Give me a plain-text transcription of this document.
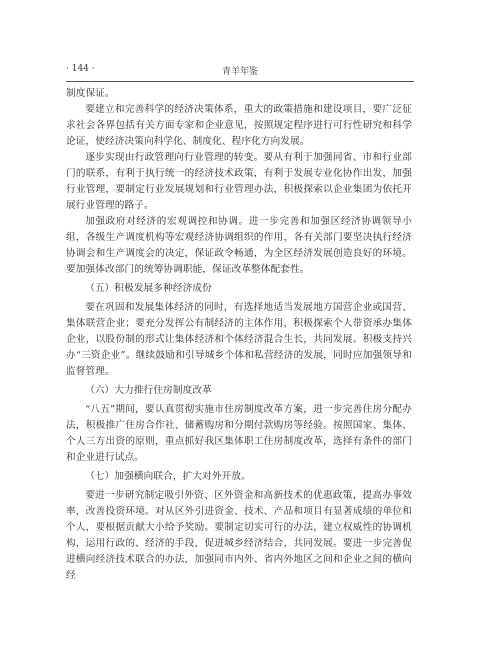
· 144 ·	青羊年鉴

制度保证。

要建立和完善科学的经济决策体系，重大的政策措施和建设项目，要广泛征求社会各界包括有关方面专家和企业意见，按照规定程序进行可行性研究和科学论证，使经济决策向科学化、制度化、程序化方向发展。

逐步实现由行政管理向行业管理的转变。要从有利于加强同省、市和行业部门的联系，有利于执行统一的经济技术政策，有利于发展专业化协作出发，加强行业管理，要制定行业发展规划和行业管理办法，积极探索以企业集团为依托开展行业管理的路子。

加强政府对经济的宏观调控和协调。进一步完善和加强区经济协调领导小组，各级生产调度机构等宏观经济协调组织的作用，各有关部门要坚决执行经济协调会和生产调度会的决定，保证政令畅通，为全区经济发展创造良好的环境。要加强体改部门的统筹协调职能，保证改革整体配套性。

（五）积极发展多种经济成份

要在巩固和发展集体经济的同时，有选择地适当发展地方国营企业或国营、集体联营企业；要充分发挥公有制经济的主体作用，积极探索个人带资承办集体企业，以股份制的形式让集体经济和个体经济混合生长，共同发展。积极支持兴办“三资企业”。继续鼓励和引导城乡个体和私营经济的发展，同时应加强领导和监督管理。

（六）大力推行住房制度改革

“八五”期间，要认真贯彻实施市住房制度改革方案，进一步完善住房分配办法，积极推广住房合作社、储蓄购房和分期付款购房等经验。按照国家、集体、个人三方出资的原则，重点抓好我区集体职工住房制度改革，选择有条件的部门和企业进行试点。

（七）加强横向联合，扩大对外开放。

要进一步研究制定吸引外资、区外资金和高新技术的优惠政策，提高办事效率，改善投资环境。对从区外引进资金、技术、产品和项目有显著成绩的单位和个人，要根据贡献大小给予奖励。要制定切实可行的办法，建立权威性的协调机构，运用行政的、经济的手段，促进城乡经济结合，共同发展。要进一步完善促进横向经济技术联合的办法，加强同市内外、省内外地区之间和企业之间的横向经
